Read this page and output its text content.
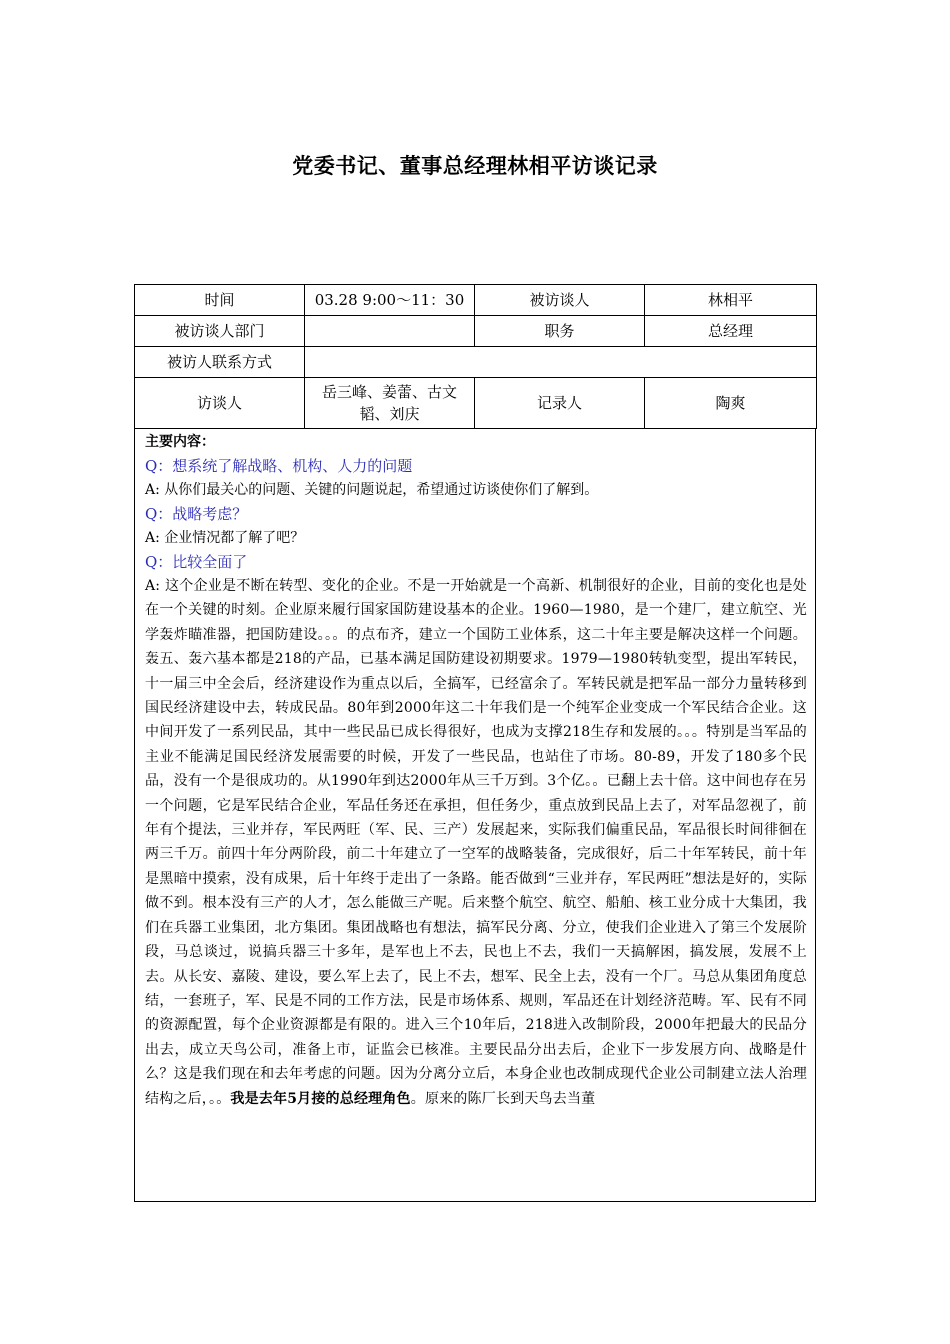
党委书记、董事总经理林相平访谈记录
时间	03.28 9:00～11：30	被访谈人	林相平
被访谈人部门		职务	总经理
被访人联系方式			
访谈人	岳三峰、姜蕾、古文韬、刘庆	记录人	陶爽
主要内容：
Q：想系统了解战略、机构、人力的问题
A: 从你们最关心的问题、关键的问题说起，希望通过访谈使你们了解到。
Q：战略考虑？
A: 企业情况都了解了吧？
Q：比较全面了
A: 这个企业是不断在转型、变化的企业。不是一开始就是一个高新、机制很好的企业，目前的变化也是处在一个关键的时刻。企业原来履行国家国防建设基本的企业。1960—1980，是一个建厂，建立航空、光学轰炸瞄准器，把国防建设。。。的点布齐，建立一个国防工业体系，这二十年主要是解决这样一个问题。轰五、轰六基本都是218的产品，已基本满足国防建设初期要求。1979—1980转轨变型，提出军转民，十一届三中全会后，经济建设作为重点以后，全搞军，已经富余了。军转民就是把军品一部分力量转移到国民经济建设中去，转成民品。80年到2000年这二十年我们是一个纯军企业变成一个军民结合企业。这中间开发了一系列民品，其中一些民品已成长得很好，也成为支撑218生存和发展的。。。特别是当军品的主业不能满足国民经济发展需要的时候，开发了一些民品，也站住了市场。80-89，开发了180多个民品，没有一个是很成功的。从1990年到达2000年从三千万到。3个亿。。已翻上去十倍。这中间也存在另一个问题，它是军民结合企业，军品任务还在承担，但任务少，重点放到民品上去了，对军品忽视了，前年有个提法，三业并存，军民两旺（军、民、三产）发展起来，实际我们偏重民品，军品很长时间徘徊在两三千万。前四十年分两阶段，前二十年建立了一空军的战略装备，完成很好，后二十年军转民，前十年是黑暗中摸索，没有成果，后十年终于走出了一条路。能否做到“三业并存，军民两旺”想法是好的，实际做不到。根本没有三产的人才，怎么能做三产呢。后来整个航空、航空、船舶、核工业分成十大集团，我们在兵器工业集团，北方集团。集团战略也有想法，搞军民分离、分立，使我们企业进入了第三个发展阶段，马总谈过，说搞兵器三十多年，是军也上不去，民也上不去，我们一天搞解困，搞发展，发展不上去。从长安、嘉陵、建设，要么军上去了，民上不去，想军、民全上去，没有一个厂。马总从集团角度总结，一套班子，军、民是不同的工作方法，民是市场体系、规则，军品还在计划经济范畴。军、民有不同的资源配置，每个企业资源都是有限的。进入三个10年后，218进入改制阶段，2000年把最大的民品分出去，成立天鸟公司，准备上市，证监会已核准。主要民品分出去后，企业下一步发展方向、战略是什么？这是我们现在和去年考虑的问题。因为分离分立后，本身企业也改制成现代企业公司制建立法人治理结构之后，。。我是去年5月接的总经理角色。原来的陈厂长到天鸟去当董
